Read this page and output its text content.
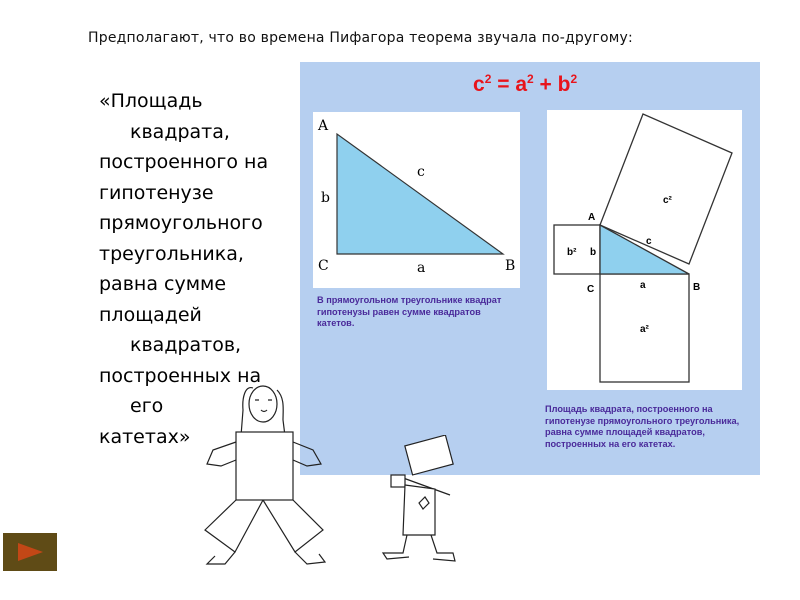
Предполагают, что во времена Пифагора теорема звучала по-другому:
«Площадь
квадрата,
построенного на
гипотенузе
прямоугольного
треугольника,
равна сумме
площадей
квадратов,
построенных на
его
катетах»
$c^2 = a^2 + b^2$
A
C	B
b
a
c
В прямоугольном треугольнике квадрат гипотенузы равен сумме квадратов катетов.
A
C	B
c
a
b
c²
b²
a²
Площадь квадрата, построенного на гипотенузе прямоугольного треугольника, равна сумме площадей квадратов, построенных на его катетах.
